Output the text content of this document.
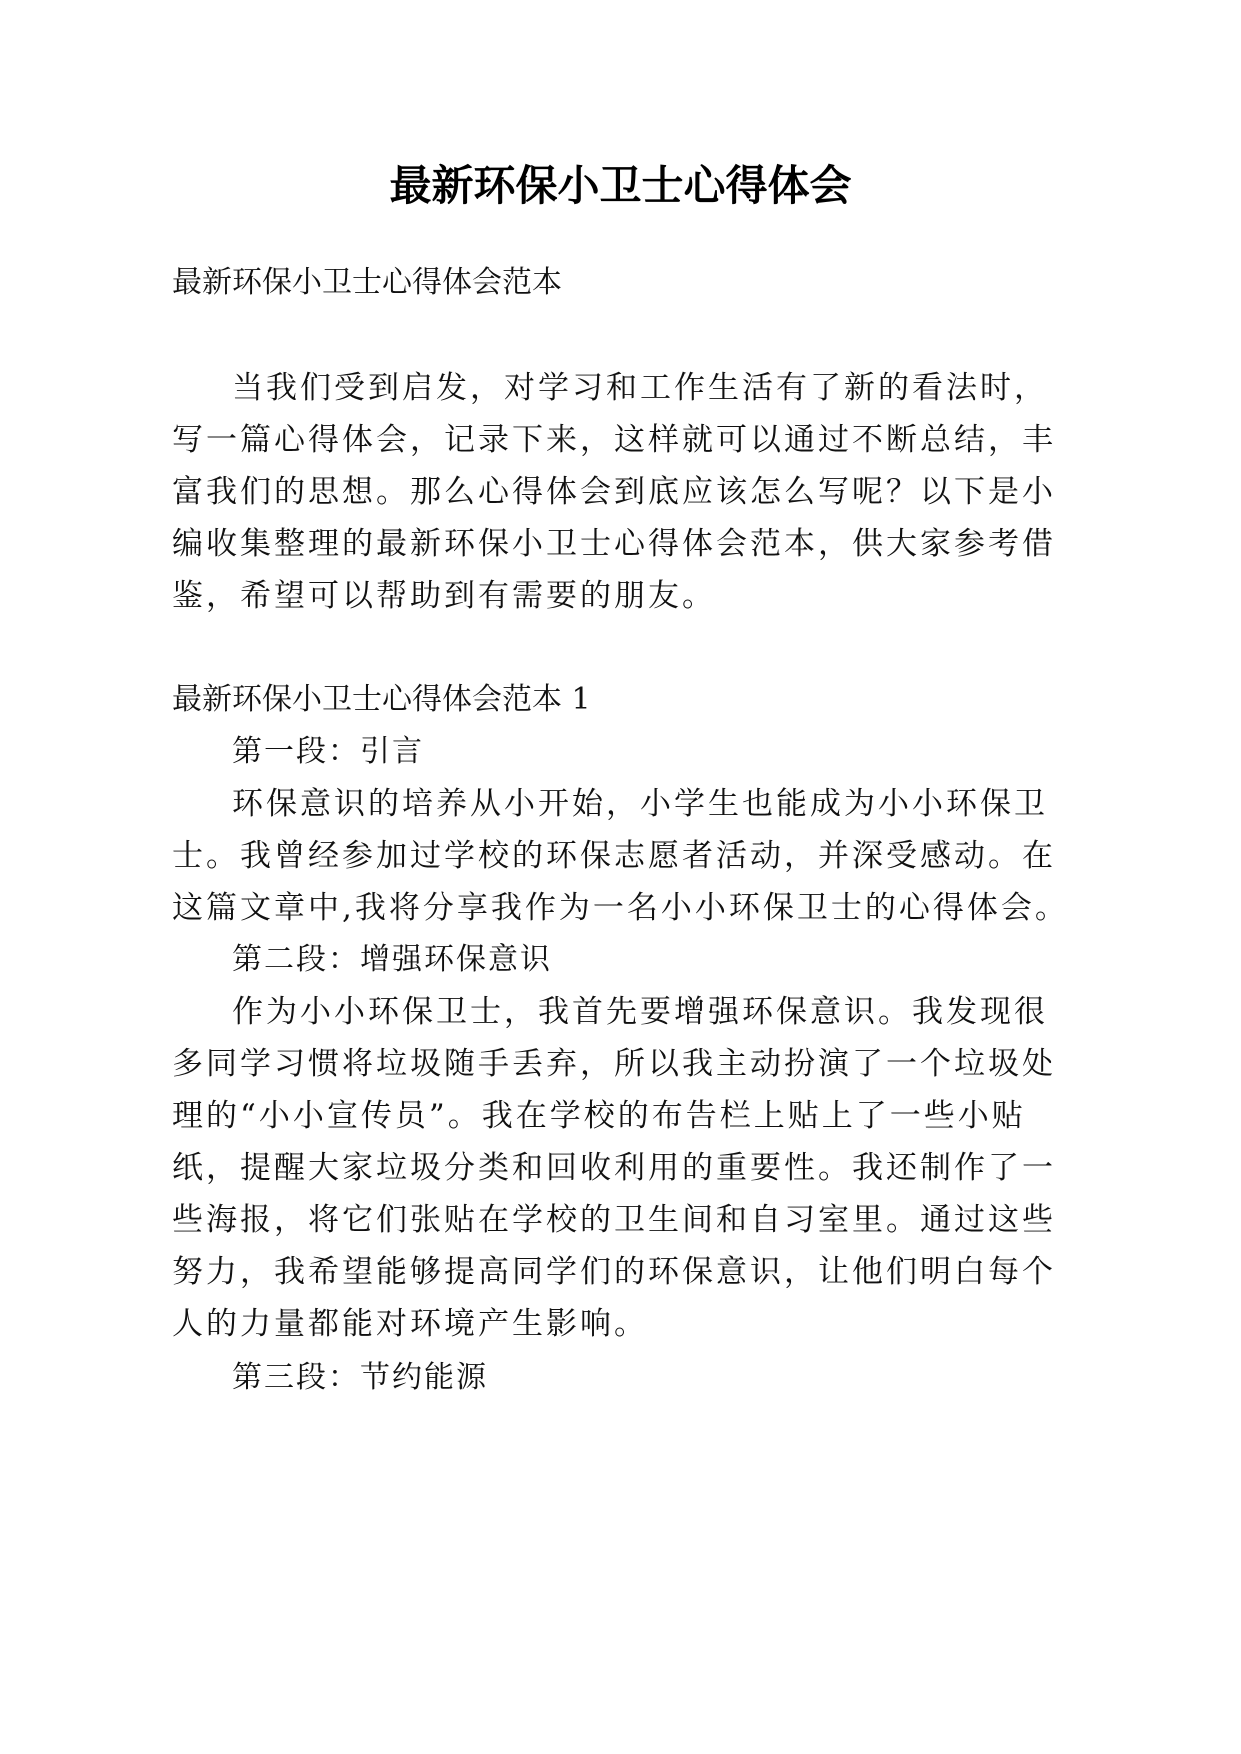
最新环保小卫士心得体会
最新环保小卫士心得体会范本
当我们受到启发，对学习和工作生活有了新的看法时，
写一篇心得体会，记录下来，这样就可以通过不断总结，丰
富我们的思想。那么心得体会到底应该怎么写呢？以下是小
编收集整理的最新环保小卫士心得体会范本，供大家参考借
鉴，希望可以帮助到有需要的朋友。
最新环保小卫士心得体会范本 1
第一段：引言
环保意识的培养从小开始，小学生也能成为小小环保卫
士。我曾经参加过学校的环保志愿者活动，并深受感动。在
这篇文章中,我将分享我作为一名小小环保卫士的心得体会。
第二段：增强环保意识
作为小小环保卫士，我首先要增强环保意识。我发现很
多同学习惯将垃圾随手丢弃，所以我主动扮演了一个垃圾处
理的“小小宣传员”。我在学校的布告栏上贴上了一些小贴
纸，提醒大家垃圾分类和回收利用的重要性。我还制作了一
些海报，将它们张贴在学校的卫生间和自习室里。通过这些
努力，我希望能够提高同学们的环保意识，让他们明白每个
人的力量都能对环境产生影响。
第三段：节约能源
